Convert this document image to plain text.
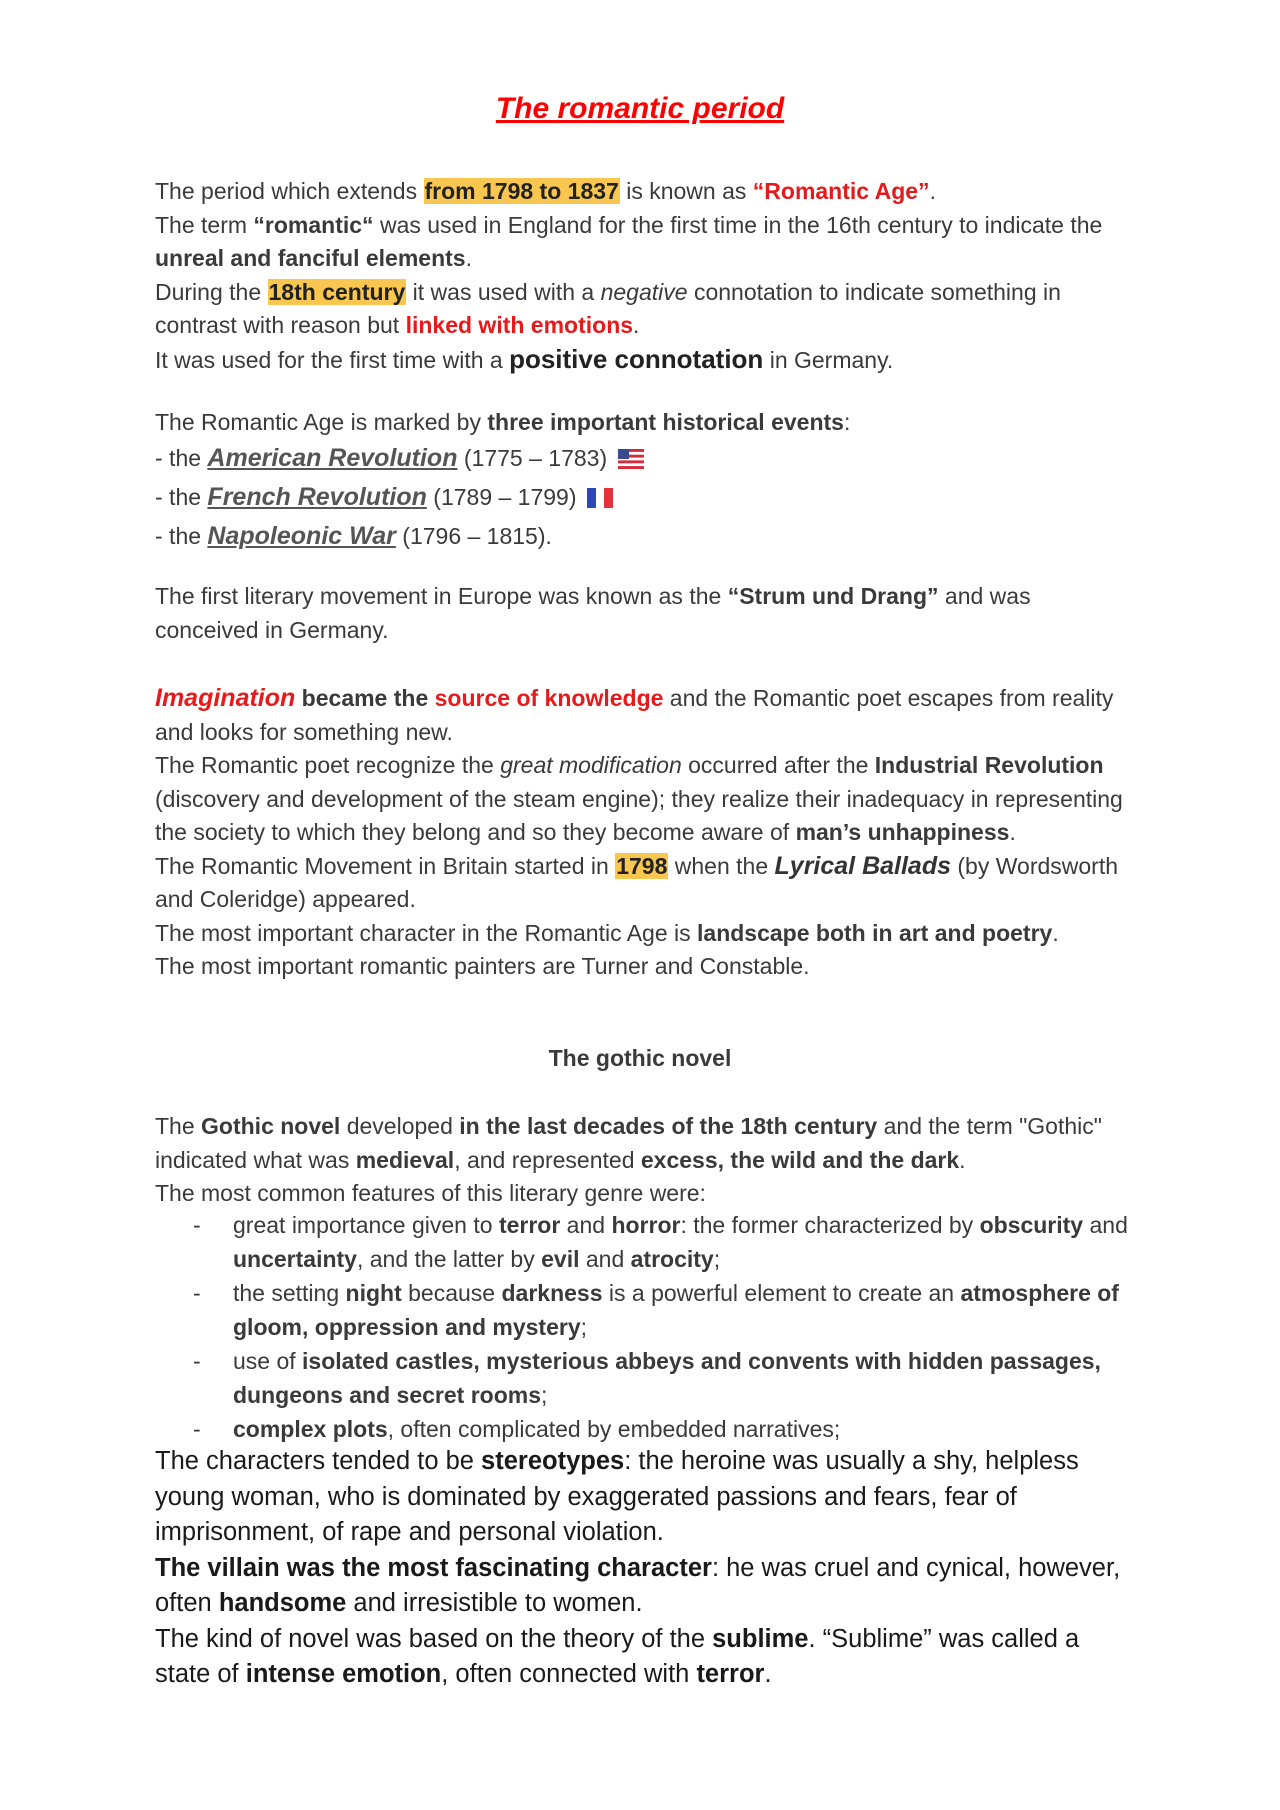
The romantic period
The period which extends from 1798 to 1837 is known as “Romantic Age”.
The term “romantic“ was used in England for the first time in the 16th century to indicate the unreal and fanciful elements.
During the 18th century it was used with a negative connotation to indicate something in contrast with reason but linked with emotions.
It was used for the first time with a positive connotation in Germany.
The Romantic Age is marked by three important historical events:
- the American Revolution (1775 – 1783)
- the French Revolution (1789 – 1799)
- the Napoleonic War (1796 – 1815).
The first literary movement in Europe was known as the “Strum und Drang” and was conceived in Germany.
Imagination became the source of knowledge and the Romantic poet escapes from reality and looks for something new.
The Romantic poet recognize the great modification occurred after the Industrial Revolution (discovery and development of the steam engine); they realize their inadequacy in representing the society to which they belong and so they become aware of man’s unhappiness.
The Romantic Movement in Britain started in 1798 when the Lyrical Ballads (by Wordsworth and Coleridge) appeared.
The most important character in the Romantic Age is landscape both in art and poetry.
The most important romantic painters are Turner and Constable.
The gothic novel
The Gothic novel developed in the last decades of the 18th century and the term "Gothic" indicated what was medieval, and represented excess, the wild and the dark.
The most common features of this literary genre were:
- great importance given to terror and horror: the former characterized by obscurity and uncertainty, and the latter by evil and atrocity;
- the setting night because darkness is a powerful element to create an atmosphere of gloom, oppression and mystery;
- use of isolated castles, mysterious abbeys and convents with hidden passages, dungeons and secret rooms;
- complex plots, often complicated by embedded narratives;
The characters tended to be stereotypes: the heroine was usually a shy, helpless young woman, who is dominated by exaggerated passions and fears, fear of imprisonment, of rape and personal violation.
The villain was the most fascinating character: he was cruel and cynical, however, often handsome and irresistible to women.
The kind of novel was based on the theory of the sublime. “Sublime” was called a state of intense emotion, often connected with terror.
